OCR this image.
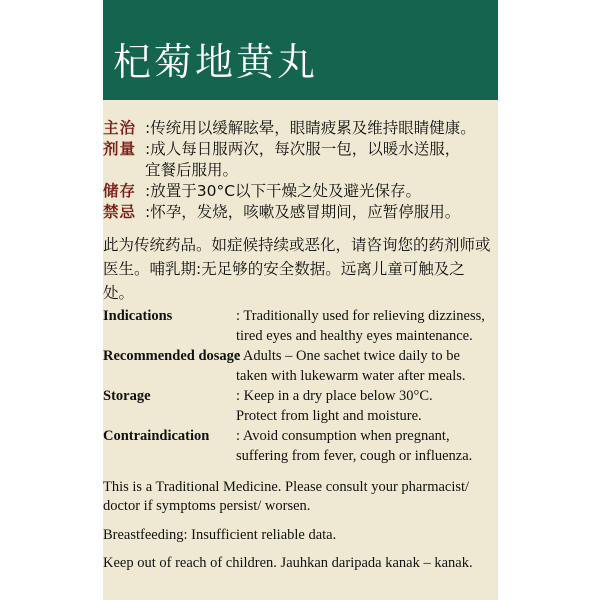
杞菊地黄丸
主治 :传统用以缓解眩晕，眼睛疲累及维持眼睛健康。
剂量 :成人每日服两次，每次服一包，以暖水送服，
宜餐后服用。
储存 :放置于30°C以下干燥之处及避光保存。
禁忌 :怀孕，发烧，咳嗽及感冒期间，应暂停服用。
此为传统药品。如症候持续或恶化，请咨询您的药剂师或医生。哺乳期:无足够的安全数据。远离儿童可触及之处。
Indications	: Traditionally used for relieving dizziness,
tired eyes and healthy eyes maintenance.
Recommended dosage
: Adults – One sachet twice daily to be
taken with lukewarm water after meals.
Storage	: Keep in a dry place below 30°C.
Protect from light and moisture.
Contraindication	: Avoid consumption when pregnant,
suffering from fever, cough or influenza.
This is a Traditional Medicine. Please consult your pharmacist/ doctor if symptoms persist/ worsen.
Breastfeeding: Insufficient reliable data.
Keep out of reach of children. Jauhkan daripada kanak – kanak.
